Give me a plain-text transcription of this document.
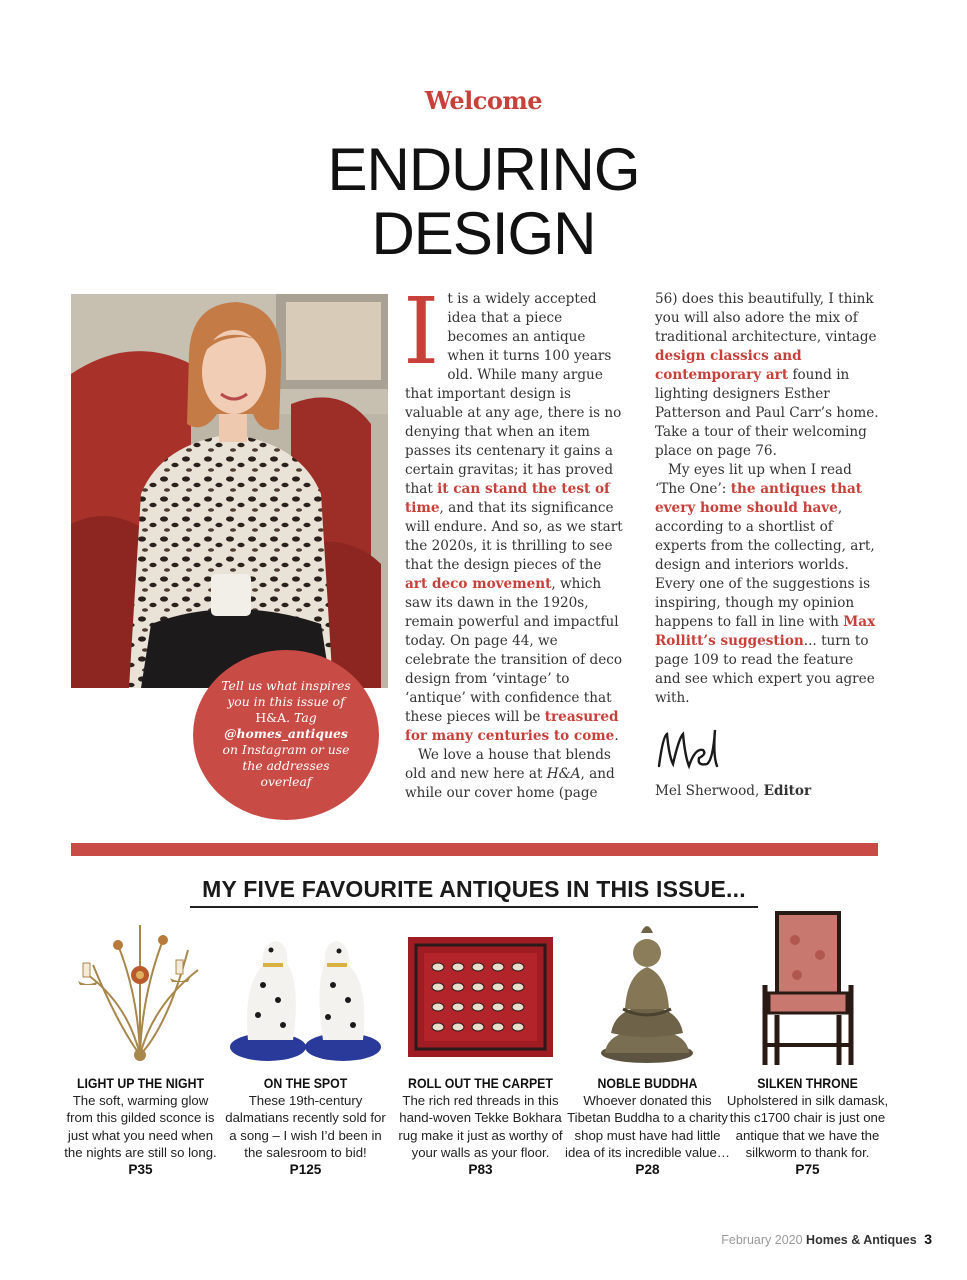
Welcome
ENDURING
DESIGN
Tell us what inspires you in this issue of H&A. Tag @homes_antiques on Instagram or use the addresses overleaf

It is a widely accepted idea that a piece becomes an antique when it turns 100 years old. While many argue that important design is valuable at any age, there is no denying that when an item passes its centenary it gains a certain gravitas; it has proved that it can stand the test of time, and that its significance will endure. And so, as we start the 2020s, it is thrilling to see that the design pieces of the art deco movement, which saw its dawn in the 1920s, remain powerful and impactful today. On page 44, we celebrate the transition of deco design from ‘vintage’ to ‘antique’ with confidence that these pieces will be treasured for many centuries to come.

We love a house that blends old and new here at H&A, and while our cover home (page

56) does this beautifully, I think you will also adore the mix of traditional architecture, vintage design classics and contemporary art found in lighting designers Esther Patterson and Paul Carr’s home. Take a tour of their welcoming place on page 76.

My eyes lit up when I read ‘The One’: the antiques that every home should have, according to a shortlist of experts from the collecting, art, design and interiors worlds. Every one of the suggestions is inspiring, though my opinion happens to fall in line with Max Rollitt’s suggestion... turn to page 109 to read the feature and see which expert you agree with.

Mel Sherwood, Editor
MY FIVE FAVOURITE ANTIQUES IN THIS ISSUE...
LIGHT UP THE NIGHT
The soft, warming glow from this gilded sconce is just what you need when the nights are still so long.
P35
ON THE SPOT
These 19th-century dalmatians recently sold for a song – I wish I’d been in the salesroom to bid!
P125
ROLL OUT THE CARPET
The rich red threads in this hand-woven Tekke Bokhara rug make it just as worthy of your walls as your floor.
P83
NOBLE BUDDHA
Whoever donated this Tibetan Buddha to a charity shop must have had little idea of its incredible value…
P28
SILKEN THRONE
Upholstered in silk damask, this c1700 chair is just one antique that we have the silkworm to thank for.
P75
February 2020 Homes & Antiques 3
